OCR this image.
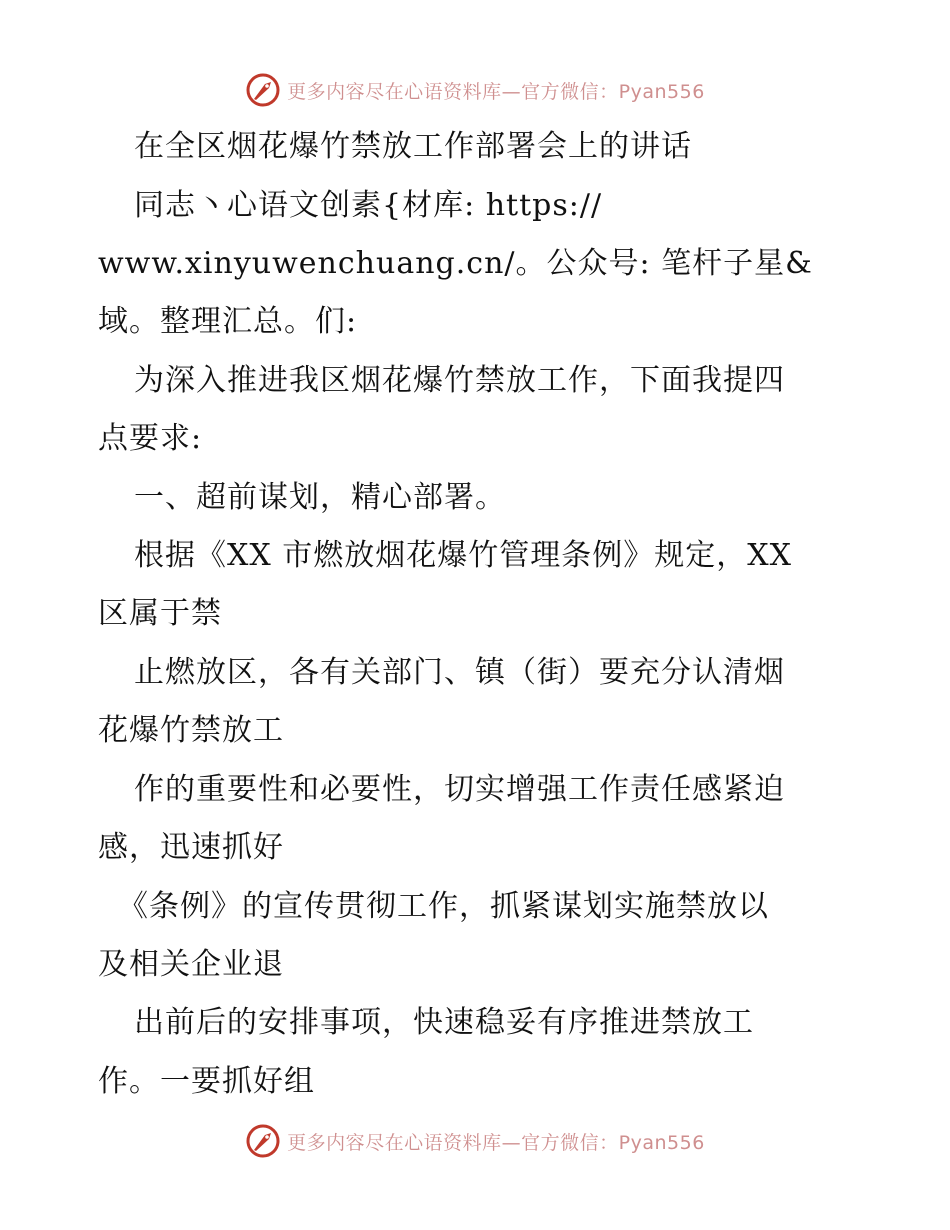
更多内容尽在心语资料库—官方微信：Pyan556
在全区烟花爆竹禁放工作部署会上的讲话
同志丶心语文创素{材库: https://
www.xinyuwenchuang.cn/。公众号: 笔杆子星&
域。整理汇总。们:
为深入推进我区烟花爆竹禁放工作，下面我提四
点要求:
一、超前谋划，精心部署。
根据《XX 市燃放烟花爆竹管理条例》规定，XX
区属于禁
止燃放区，各有关部门、镇（街）要充分认清烟
花爆竹禁放工
作的重要性和必要性，切实增强工作责任感紧迫
感，迅速抓好
《条例》的宣传贯彻工作，抓紧谋划实施禁放以
及相关企业退
出前后的安排事项，快速稳妥有序推进禁放工
作。一要抓好组
更多内容尽在心语资料库—官方微信：Pyan556
